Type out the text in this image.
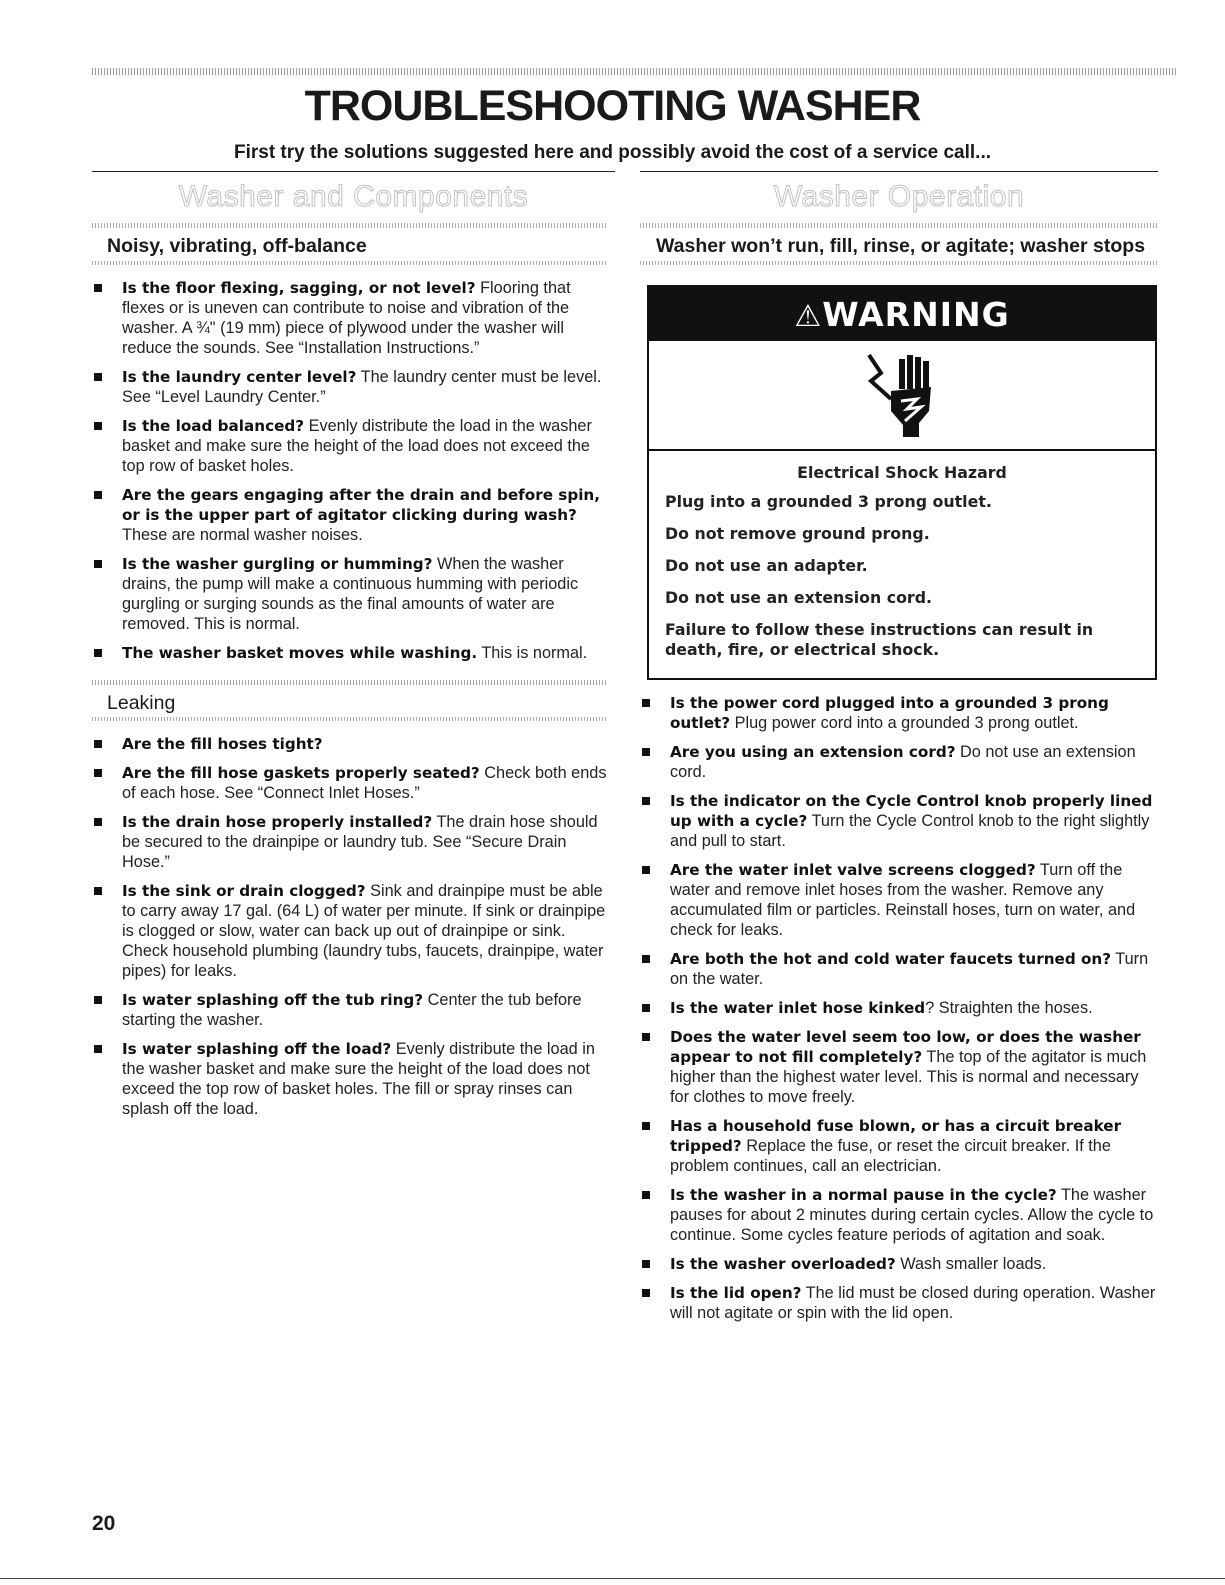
TROUBLESHOOTING WASHER

First try the solutions suggested here and possibly avoid the cost of a service call...

Washer and Components
Noisy, vibrating, off-balance
Is the floor flexing, sagging, or not level? Flooring that flexes or is uneven can contribute to noise and vibration of the washer. A ¾" (19 mm) piece of plywood under the washer will reduce the sounds. See “Installation Instructions.”
Is the laundry center level? The laundry center must be level. See “Level Laundry Center.”
Is the load balanced? Evenly distribute the load in the washer basket and make sure the height of the load does not exceed the top row of basket holes.
Are the gears engaging after the drain and before spin, or is the upper part of agitator clicking during wash? These are normal washer noises.
Is the washer gurgling or humming? When the washer drains, the pump will make a continuous humming with periodic gurgling or surging sounds as the final amounts of water are removed. This is normal.
The washer basket moves while washing. This is normal.
Leaking
Are the fill hoses tight?
Are the fill hose gaskets properly seated? Check both ends of each hose. See “Connect Inlet Hoses.”
Is the drain hose properly installed? The drain hose should be secured to the drainpipe or laundry tub. See “Secure Drain Hose.”
Is the sink or drain clogged? Sink and drainpipe must be able to carry away 17 gal. (64 L) of water per minute. If sink or drainpipe is clogged or slow, water can back up out of drainpipe or sink. Check household plumbing (laundry tubs, faucets, drainpipe, water pipes) for leaks.
Is water splashing off the tub ring? Center the tub before starting the washer.
Is water splashing off the load? Evenly distribute the load in the washer basket and make sure the height of the load does not exceed the top row of basket holes. The fill or spray rinses can splash off the load.
Washer Operation
Washer won’t run, fill, rinse, or agitate; washer stops
⚠WARNING
Electrical Shock Hazard

Plug into a grounded 3 prong outlet.

Do not remove ground prong.

Do not use an adapter.

Do not use an extension cord.

Failure to follow these instructions can result in death, fire, or electrical shock.

Is the power cord plugged into a grounded 3 prong outlet? Plug power cord into a grounded 3 prong outlet.
Are you using an extension cord? Do not use an extension cord.
Is the indicator on the Cycle Control knob properly lined up with a cycle? Turn the Cycle Control knob to the right slightly and pull to start.
Are the water inlet valve screens clogged? Turn off the water and remove inlet hoses from the washer. Remove any accumulated film or particles. Reinstall hoses, turn on water, and check for leaks.
Are both the hot and cold water faucets turned on? Turn on the water.
Is the water inlet hose kinked? Straighten the hoses.
Does the water level seem too low, or does the washer appear to not fill completely? The top of the agitator is much higher than the highest water level. This is normal and necessary for clothes to move freely.
Has a household fuse blown, or has a circuit breaker tripped? Replace the fuse, or reset the circuit breaker. If the problem continues, call an electrician.
Is the washer in a normal pause in the cycle? The washer pauses for about 2 minutes during certain cycles. Allow the cycle to continue. Some cycles feature periods of agitation and soak.
Is the washer overloaded? Wash smaller loads.
Is the lid open? The lid must be closed during operation. Washer will not agitate or spin with the lid open.
20
